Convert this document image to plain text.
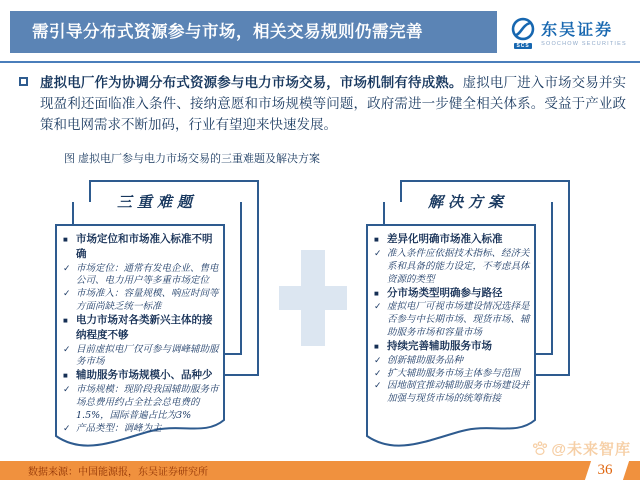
需引导分布式资源参与市场，相关交易规则仍需完善
SCS
东吴证券
SOOCHOW SECURITIES
虚拟电厂作为协调分布式资源参与电力市场交易，市场机制有待成熟。虚拟电厂进入市场交易并实现盈利还面临准入条件、接纳意愿和市场规模等问题，政府需进一步健全相关体系。受益于产业政策和电网需求不断加码，行业有望迎来快速发展。
图 虚拟电厂参与电力市场交易的三重难题及解决方案
三重难题
■ 市场定位和市场准入标准不明确
✓ 市场定位：通常有发电企业、售电公司、电力用户等多重市场定位
✓ 市场准入：容量规模、响应时间等方面尚缺乏统一标准
■ 电力市场对各类新兴主体的接纳程度不够
✓ 目前虚拟电厂仅可参与调峰辅助服务市场
■ 辅助服务市场规模小、品种少
✓ 市场规模：现阶段我国辅助服务市场总费用约占全社会总电费的1.5%，国际普遍占比为3%
✓ 产品类型：调峰为主
解决方案
■ 差异化明确市场准入标准
✓ 准入条件应依据技术指标、经济关系和具备的能力设定，不考虑具体资源的类型
■ 分市场类型明确参与路径
✓ 虚拟电厂可视市场建设情况选择是否参与中长期市场、现货市场、辅助服务市场和容量市场
■ 持续完善辅助服务市场
✓ 创新辅助服务品种
✓ 扩大辅助服务市场主体参与范围
✓ 因地制宜推动辅助服务市场建设并加强与现货市场的统筹衔接
@未来智库
数据来源：中国能源报，东吴证券研究所	36
